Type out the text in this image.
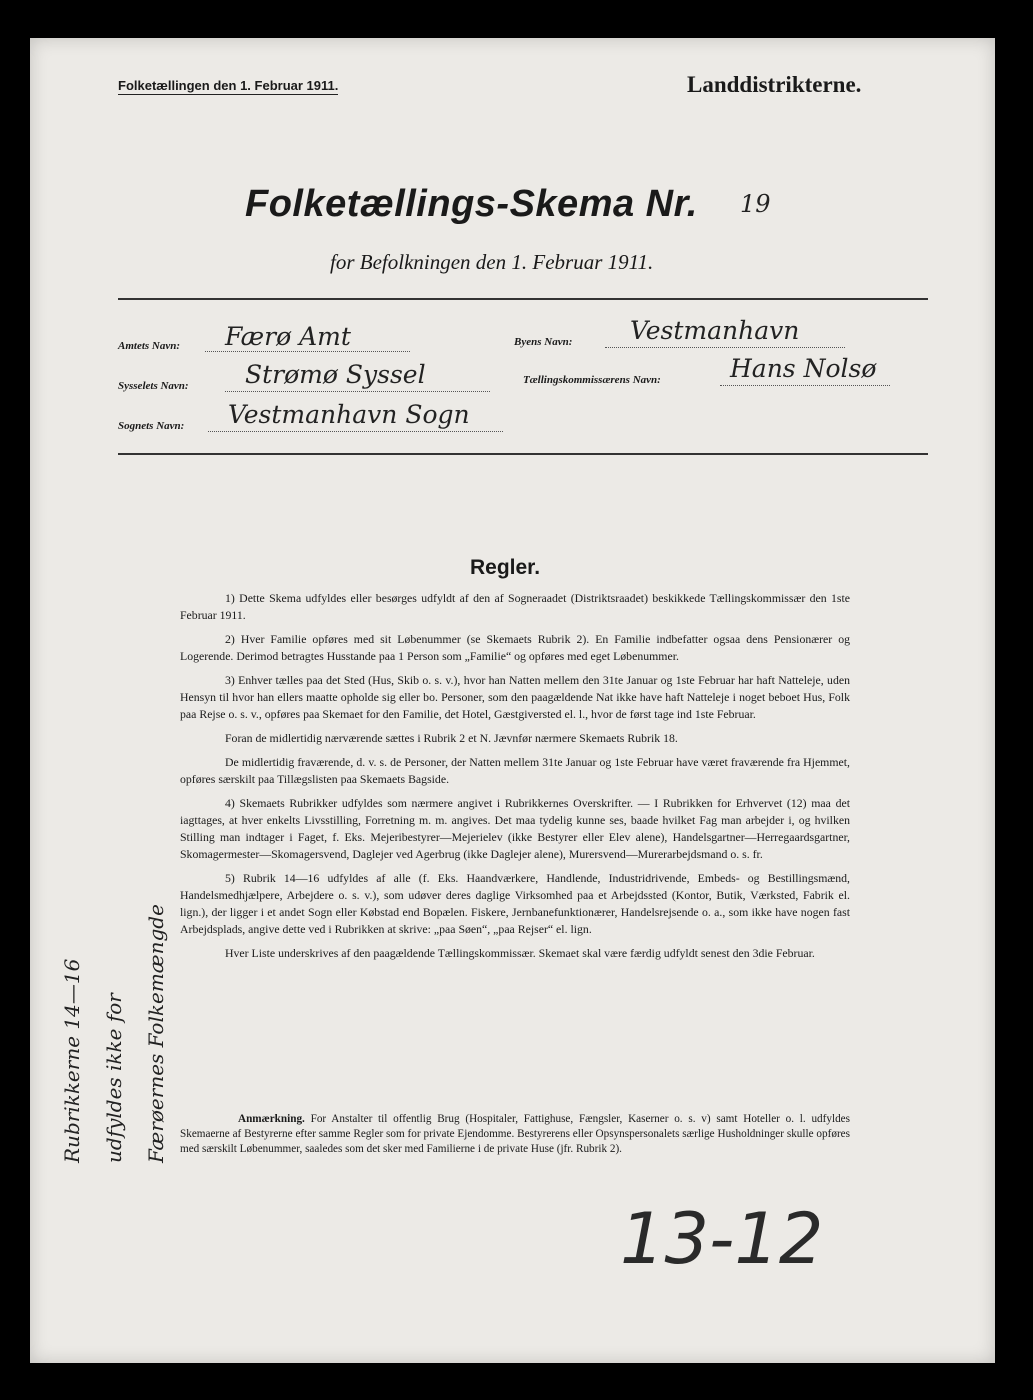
Folketællingen den 1. Februar 1911.	Landdistrikterne.
Folketællings-Skema Nr. 19
for Befolkningen den 1. Februar 1911.
Amtets Navn: Færø Amt	Byens Navn: Vestmanhavn
Sysselets Navn: Strømø Syssel	Tællingskommissærens Navn:	Hans Nolsø
Sognets Navn: Vestmanhavn Sogn
Regler.

1) Dette Skema udfyldes eller besørges udfyldt af den af Sogneraadet (Distriktsraadet) beskikkede Tællingskommissær den 1ste Februar 1911.

2) Hver Familie opføres med sit Løbenummer (se Skemaets Rubrik 2). En Familie indbefatter ogsaa dens Pensionærer og Logerende. Derimod betragtes Husstande paa 1 Person som „Familie“ og opføres med eget Løbenummer.

3) Enhver tælles paa det Sted (Hus, Skib o. s. v.), hvor han Natten mellem den 31te Januar og 1ste Februar har haft Natteleje, uden Hensyn til hvor han ellers maatte opholde sig eller bo. Personer, som den paagældende Nat ikke have haft Natteleje i noget beboet Hus, Folk paa Rejse o. s. v., opføres paa Skemaet for den Familie, det Hotel, Gæstgiversted el. l., hvor de først tage ind 1ste Februar.

Foran de midlertidig nærværende sættes i Rubrik 2 et N. Jævnfør nærmere Skemaets Rubrik 18.

De midlertidig fraværende, d. v. s. de Personer, der Natten mellem 31te Januar og 1ste Februar have været fraværende fra Hjemmet, opføres særskilt paa Tillægslisten paa Skemaets Bagside.

4) Skemaets Rubrikker udfyldes som nærmere angivet i Rubrikkernes Overskrifter. — I Rubrikken for Erhvervet (12) maa det iagttages, at hver enkelts Livsstilling, Forretning m. m. angives. Det maa tydelig kunne ses, baade hvilket Fag man arbejder i, og hvilken Stilling man indtager i Faget, f. Eks. Mejeribestyrer—Mejerielev (ikke Bestyrer eller Elev alene), Handelsgartner—Herregaardsgartner, Skomagermester—Skomagersvend, Daglejer ved Agerbrug (ikke Daglejer alene), Murersvend—Murerarbejdsmand o. s. fr.

5) Rubrik 14—16 udfyldes af alle (f. Eks. Haandværkere, Handlende, Industridrivende, Embeds- og Bestillingsmænd, Handelsmedhjælpere, Arbejdere o. s. v.), som udøver deres daglige Virksomhed paa et Arbejdssted (Kontor, Butik, Værksted, Fabrik el. lign.), der ligger i et andet Sogn eller Købstad end Bopælen. Fiskere, Jernbanefunktionærer, Handelsrejsende o. a., som ikke have nogen fast Arbejdsplads, angive dette ved i Rubrikken at skrive: „paa Søen“, „paa Rejser“ el. lign.

Hver Liste underskrives af den paagældende Tællingskommissær. Skemaet skal være færdig udfyldt senest den 3die Februar.

Anmærkning. For Anstalter til offentlig Brug (Hospitaler, Fattighuse, Fængsler, Kaserner o. s. v) samt Hoteller o. l. udfyldes Skemaerne af Bestyrerne efter samme Regler som for private Ejendomme. Bestyrerens eller Opsynspersonalets særlige Husholdninger skulle opføres med særskilt Løbenummer, saaledes som det sker med Familierne i de private Huse (jfr. Rubrik 2).
Rubrikkerne 14—16 udfyldes ikke for Færøernes Folkemængde
13-12
